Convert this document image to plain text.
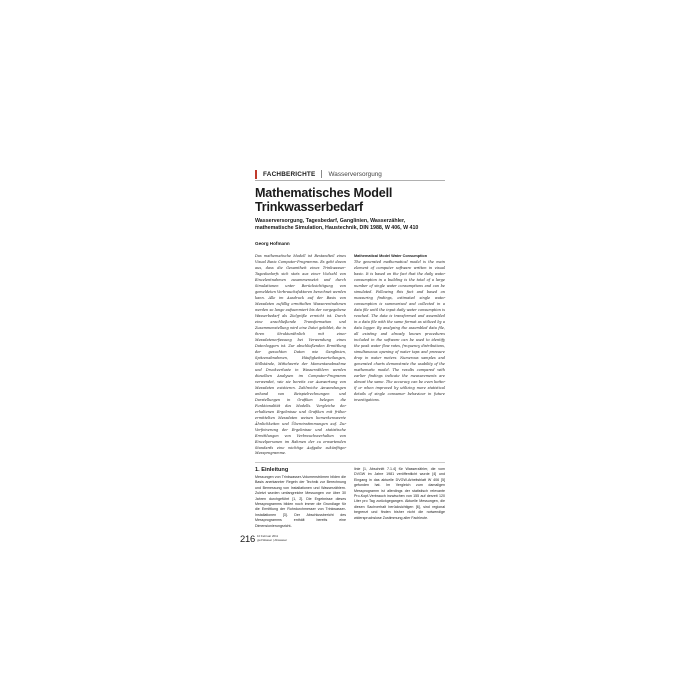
FACHBERICHTE Wasserversorgung
Mathematisches Modell
Trinkwasserbedarf
Wasserversorgung, Tagesbedarf, Ganglinien, Wasserzähler, mathematische Simulation, Haustechnik, DIN 1988, W 406, W 410
Georg Hofmann
Das mathematische Modell ist Bestandteil eines Visual Basic Computer-Programms. Es geht davon aus, dass die Gesamtheit eines Trinkwasser-Tagesbedarfs sich stets aus einer Vielzahl von Einzelentnahmen zusammensetzt und durch Simulationen unter Berücksichtigung von gemeldeten Verbrauchsfaktoren berechnet werden kann. Alle im Ausdruck auf der Basis von Messdaten zufällig ermittelten Wasserentnahmen werden so lange aufsummiert bis der vorgegebene Wasserbedarf als Zielgröße erreicht ist. Durch eine anschließende Transformation und Zusammenstellung wird eine Datei gebildet, die in ihren Strukturähnlich mit einer Messdatenerfassung bei Verwendung eines Datenloggers ist. Zur abschließenden Ermittlung der gesuchten Daten wie Ganglinien, Spitzenabnahmen, Häufigkeitsverteilungen, Stillstände, Mittelwerte der Momentanabnahme und Druckverluste in Wasserzählern werden dieselben Analysen im Computer-Programm verwendet, wie sie bereits zur Auswertung von Messdaten existieren. Zahlreiche Anwendungen anhand von Beispielrechnungen und Darstellungen in Grafiken belegen die Funktionalität des Modells. Vergleiche der erhaltenen Ergebnisse und Grafiken mit früher ermittelten Messdaten weisen bemerkenswerte Ähnlichkeiten und Übereinstimmungen auf. Zur Verfeinerung der Ergebnisse und statistische Ermittlungen von Verbrauchsverhalten von Einzelpersonen im Rahmen der zu erwartenden Standards eine wichtige Aufgabe zukünftiger Messprogramme.
Mathematical Model Water Consumption
The generated mathematical model is the main element of computer software written in visual basic. It is based on the fact that the daily water consumption in a building is the total of a large number of single water consumptions and can be simulated. Following this fact and based on measuring findings, estimated single water consumption is summarized and collected in a data file until the input daily water consumption is reached. The data is transformed and assembled in a data file with the same format as utilized by a data logger. By analysing the assembled data file, all existing and already known procedures included in the software can be used to identify the peak water flow rates, frequency distributions, simultaneous opening of water taps and pressure drop in water meters. Numerous samples and generated charts demonstrate the usability of the mathematic model. The results compared with earlier findings indicate the measurements are almost the same. The accuracy can be even better if or when improved by utilizing more statistical details of single consumer behaviour in future investigations.
1. Einleitung
Messungen von Trinkwasser-Volumenströmen bilden die Basis anerkannter Regeln der Technik zur Berechnung und Bemessung von Installationen und Wasserzählern. Zuletzt wurden umfangreiche Messungen vor über 30 Jahren durchgeführt [1, 2]. Die Ergebnisse dieses Messprogramms bilden noch immer die Grundlage für die Ermittlung der Rohrdurchmesser von Trinkwasser-Installationen [3]. Der Abschlussbericht des Messprogramms enthält bereits eine Dimensionierungsricht-
linie [1, Abschnitt 7.1.4] für Wasserzähler, die vom DVGW im Jahre 1981 veröffentlicht wurde [4] und Eingang in das aktuelle DVGW-Arbeitsblatt W 406 [5] gefunden hat. Im Vergleich zum damaligen Messprogramm ist allerdings der statistisch relevante Pro-Kopf-Verbrauch inzwischen von 155 auf derzeit 120 Liter pro Tag zurückgegangen. Aktuelle Messungen, die diesen Sachverhalt berücksichtigen [6], sind regional begrenzt und finden bisher nicht die notwendige widerspruchslose Zustimmung aller Fachleute.
216 10 Februar 2011
gwf-Wasser | Abwasser
